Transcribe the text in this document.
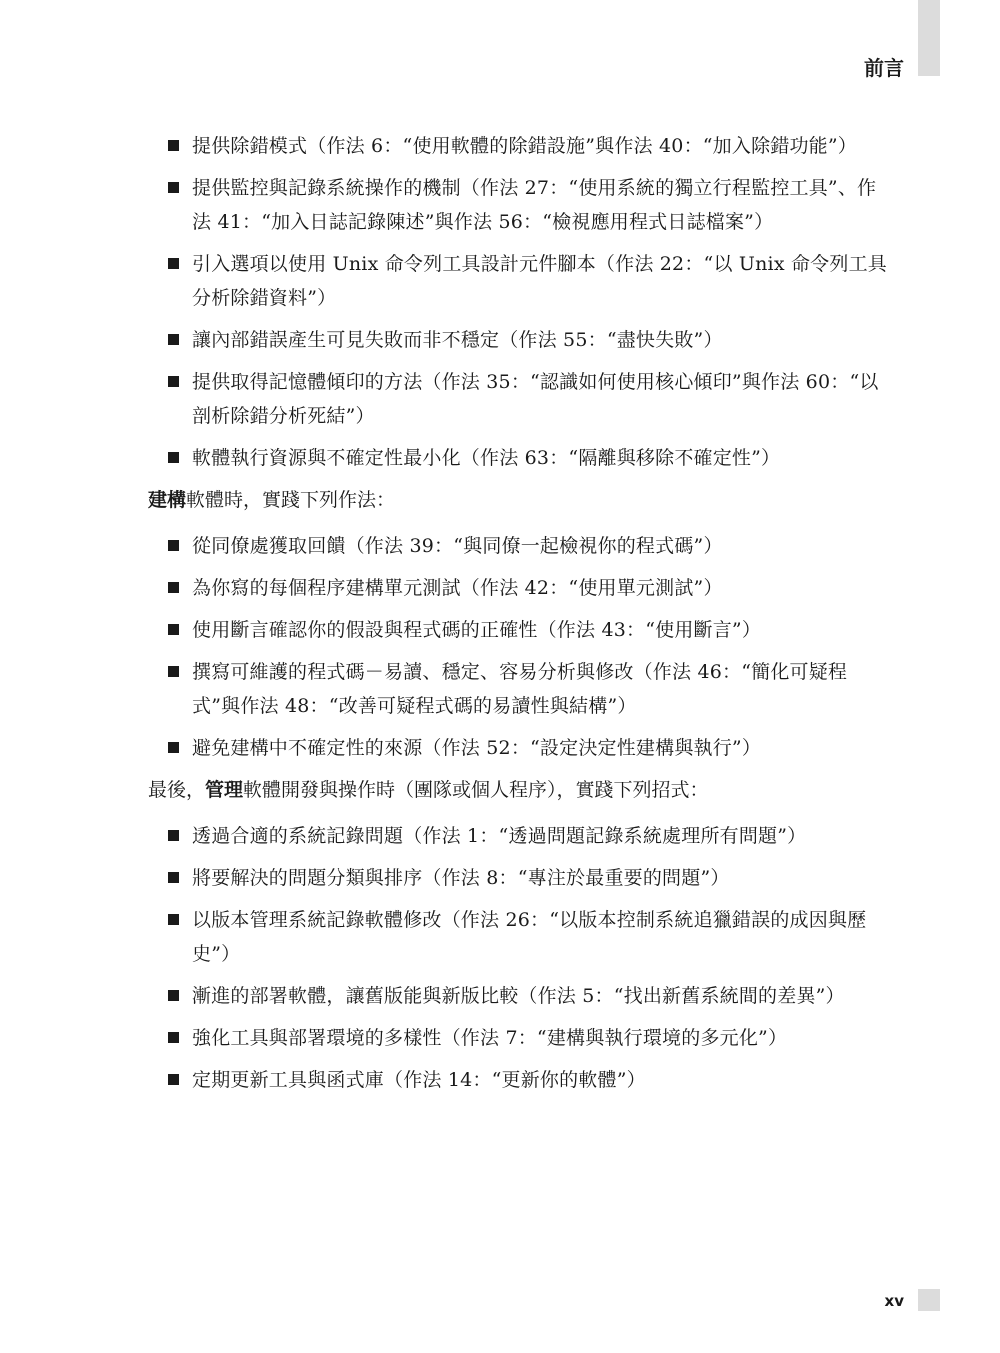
前言
提供除錯模式（作法 6：“使用軟體的除錯設施”與作法 40：“加入除錯功能”）
提供監控與記錄系統操作的機制（作法 27：“使用系統的獨立行程監控工具”、作法 41：“加入日誌記錄陳述”與作法 56：“檢視應用程式日誌檔案”）
引入選項以使用 Unix 命令列工具設計元件腳本（作法 22：“以 Unix 命令列工具分析除錯資料”）
讓內部錯誤產生可見失敗而非不穩定（作法 55：“盡快失敗”）
提供取得記憶體傾印的方法（作法 35：“認識如何使用核心傾印”與作法 60：“以剖析除錯分析死結”）
軟體執行資源與不確定性最小化（作法 63：“隔離與移除不確定性”）

建構軟體時，實踐下列作法：

從同僚處獲取回饋（作法 39：“與同僚一起檢視你的程式碼”）
為你寫的每個程序建構單元測試（作法 42：“使用單元測試”）
使用斷言確認你的假設與程式碼的正確性（作法 43：“使用斷言”）
撰寫可維護的程式碼－易讀、穩定、容易分析與修改（作法 46：“簡化可疑程式”與作法 48：“改善可疑程式碼的易讀性與結構”）
避免建構中不確定性的來源（作法 52：“設定決定性建構與執行”）

最後，管理軟體開發與操作時（團隊或個人程序），實踐下列招式：

透過合適的系統記錄問題（作法 1：“透過問題記錄系統處理所有問題”）
將要解決的問題分類與排序（作法 8：“專注於最重要的問題”）
以版本管理系統記錄軟體修改（作法 26：“以版本控制系統追獵錯誤的成因與歷史”）
漸進的部署軟體，讓舊版能與新版比較（作法 5：“找出新舊系統間的差異”）
強化工具與部署環境的多樣性（作法 7：“建構與執行環境的多元化”）
定期更新工具與函式庫（作法 14：“更新你的軟體”）
xv
